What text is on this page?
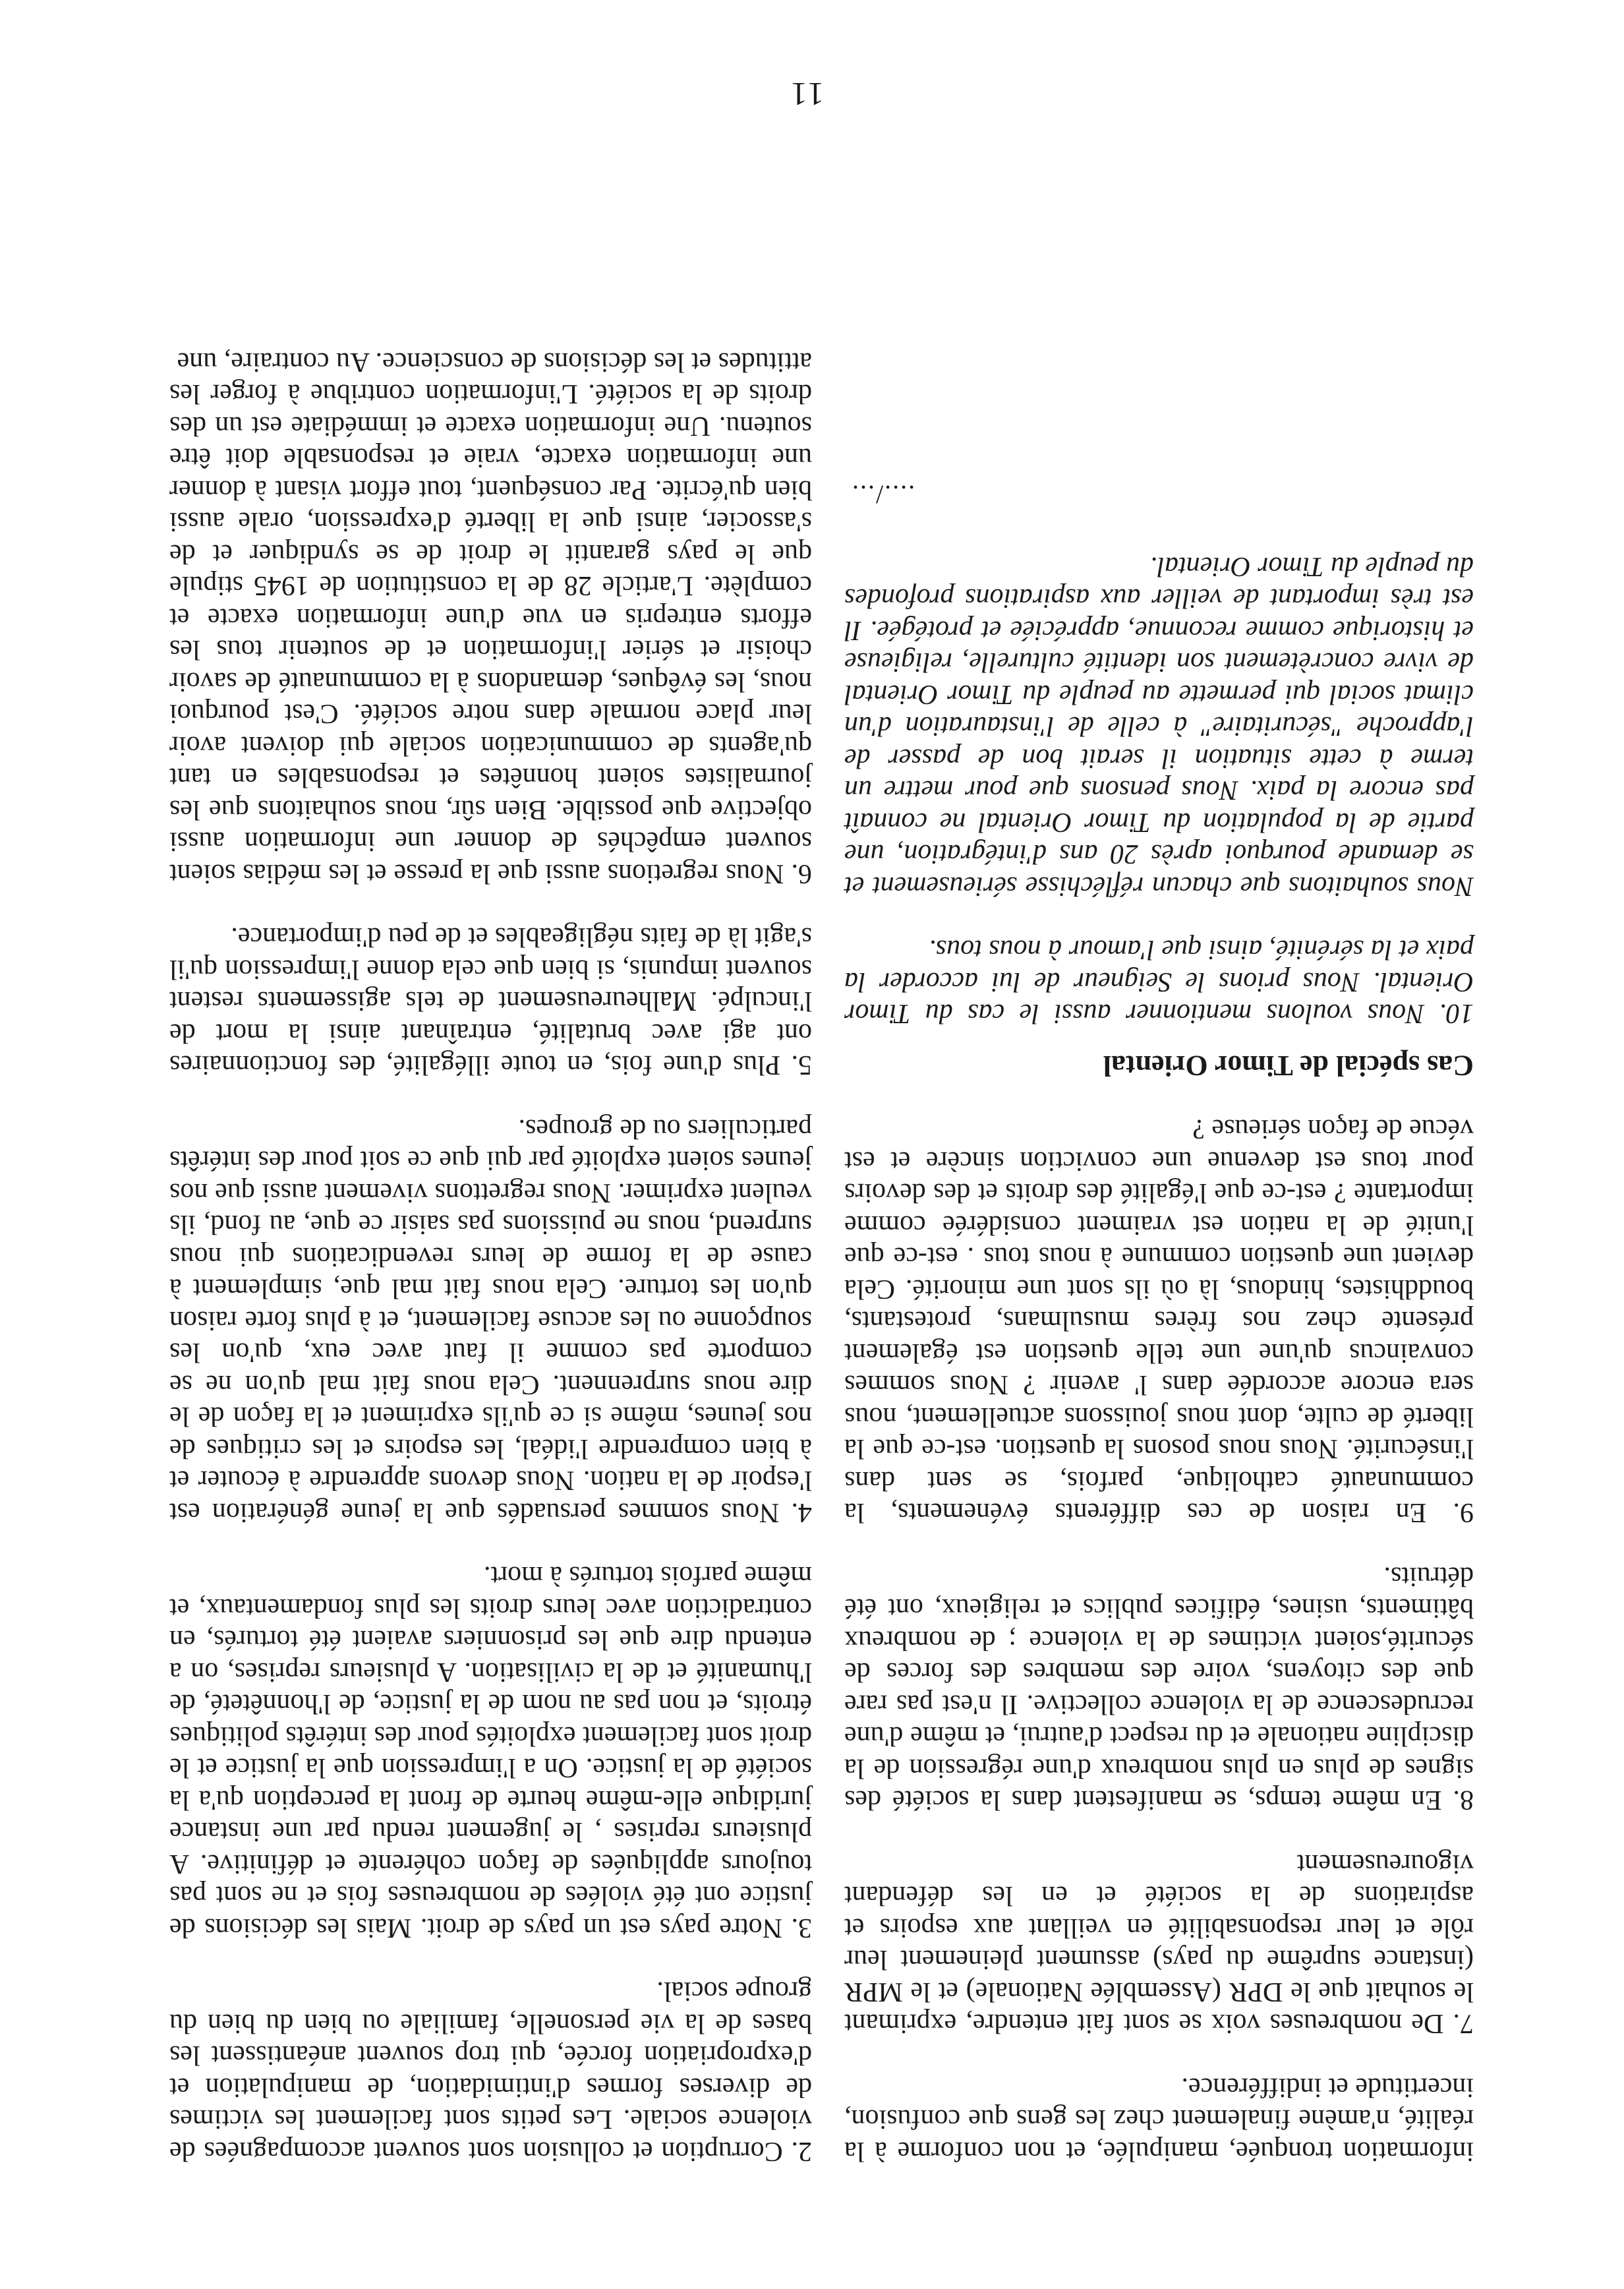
11

2. Corruption et collusion sont souvent accompagnées de violence sociale. Les petits sont facilement les victimes de diverses formes d'intimidation, de manipulation et d'expropriation forcée, qui trop souvent anéantissent les bases de la vie personelle, familiale ou bien du bien du groupe social.

3. Notre pays est un pays de droit. Mais les décisions de justice ont été violées de nombreuses fois et ne sont pas toujours appliquées de façon cohérente et définitive. A plusieurs reprises , le jugement rendu par une instance juridique elle-même heurte de front la perception qu'a la société de la justice. On a l'impression que la justice et le droit sont facilement exploités pour des intérêts politiques étroits, et non pas au nom de la justice, de l'honnêteté, de l'humanité et de la civilisation. A plusieurs reprises, on a entendu dire que les prisonniers avaient été torturés, en contradiction avec leurs droits les plus fondamentaux, et même parfois torturés à mort.

4. Nous sommes persuadés que la jeune génération est l'espoir de la nation. Nous devons apprendre à écouter et à bien comprendre l'idéal, les espoirs et les critiques de nos jeunes, même si ce qu'ils expriment et la façon de le dire nous surprennent. Cela nous fait mal qu'on ne se comporte pas comme il faut avec eux, qu'on les soupçonne ou les accuse facilement, et à plus forte raison qu'on les torture. Cela nous fait mal que, simplement à cause de la forme de leurs revendications qui nous surprend, nous ne puissions pas saisir ce que, au fond, ils veulent exprimer. Nous regrettons vivement aussi que nos jeunes soient exploité par qui que ce soit pour des intérêts particuliers ou de groupes.

5. Plus d'une fois, en toute illégalité, des fonctionnaires ont agi avec brutalité, entraînant ainsi la mort de l'inculpé. Malheureusement de tels agissements restent souvent impunis, si bien que cela donne l'impression qu'il s'agit là de faits négligeables et de peu d'importance.

6. Nous regretions aussi que la presse et les médias soient souvent empêchés de donner une information aussi objective que possible. Bien sûr, nous souhaitons que les journalistes soient honnêtes et responsables en tant qu'agents de communication sociale qui doivent avoir leur place normale dans notre société. C'est pourquoi nous, les évêques, demandons à la communauté de savoir choisir et sérier l'information et de soutenir tous les efforts entrepris en vue d'une information exacte et complète. L'article 28 de la constitution de 1945 stipule que le pays garantit le droit de se syndiquer et de s'associer, ainsi que la liberté d'expression, orale aussi bien qu'écrite. Par conséquent, tout effort visant à donner une information exacte, vraie et responsable doit être soutenu. Une information exacte et immédiate est un des droits de la société. L'information contribue à forger les attitudes et les décisions de conscience. Au contraire, une

information tronquée, manipulée, et non conforme à la réalité, n'amène finalement chez les gens que confusion, incertitude et indifférence.

7. De nombreuses voix se sont fait entendre, exprimant le souhait que le DPR (Assemblée Nationale) et le MPR (instance suprême du pays) assument pleinement leur rôle et leur responsabilité en veillant aux espoirs et aspirations de la société et en les défendant vigoureusement

8. En même temps, se manifestent dans la société des signes de plus en plus nombreux d'une régression de la discipline nationale et du respect d'autrui, et même d'une recrudescence de la violence collective. Il n'est pas rare que des citoyens, voire des membres des forces de sécurité,soient victimes de la violence ; de nombreux bâtiments, usines, édifices publics et religieux, ont été détruits.

9. En raison de ces différents événements, la communauté catholique, parfois, se sent dans l'insécurité. Nous nous posons la question. est-ce que la liberté de culte, dont nous jouissons actuellement, nous sera encore accordée dans l' avenir ? Nous sommes convaincus qu'une une telle question est également présente chez nos frères musulmans, protestants, bouddhistes, hindous, là où ils sont une minorité. Cela devient une question commune à nous tous . est-ce que l'unité de la nation est vraiment considérée comme importante ? est-ce que l'égalité des droits et des devoirs pour tous est devenue une conviction sincère et est vécue de façon sérieuse ?

Cas spécial de Timor Oriental

10. Nous voulons mentionner aussi le cas du Timor Oriental. Nous prions le Seigneur de lui accorder la paix et la sérénité, ainsi que l'amour à nous tous.

Nous souhaitons que chacun réfléchisse sérieusement et se demande pourquoi après 20 ans d'intégration, une partie de la population du Timor Oriental ne connaît pas encore la paix. Nous pensons que pour mettre un terme à cette situation il serait bon de passer de l'approche "sécuritaire" à celle de l'instauration d'un climat social qui permette au peuple du Timor Oriental de vivre concrètement son identité culturelle, religieuse et historique comme reconnue, appréciée et protégée. Il est très important de veiller aux aspirations profondes du peuple du Timor Oriental.

..../...
